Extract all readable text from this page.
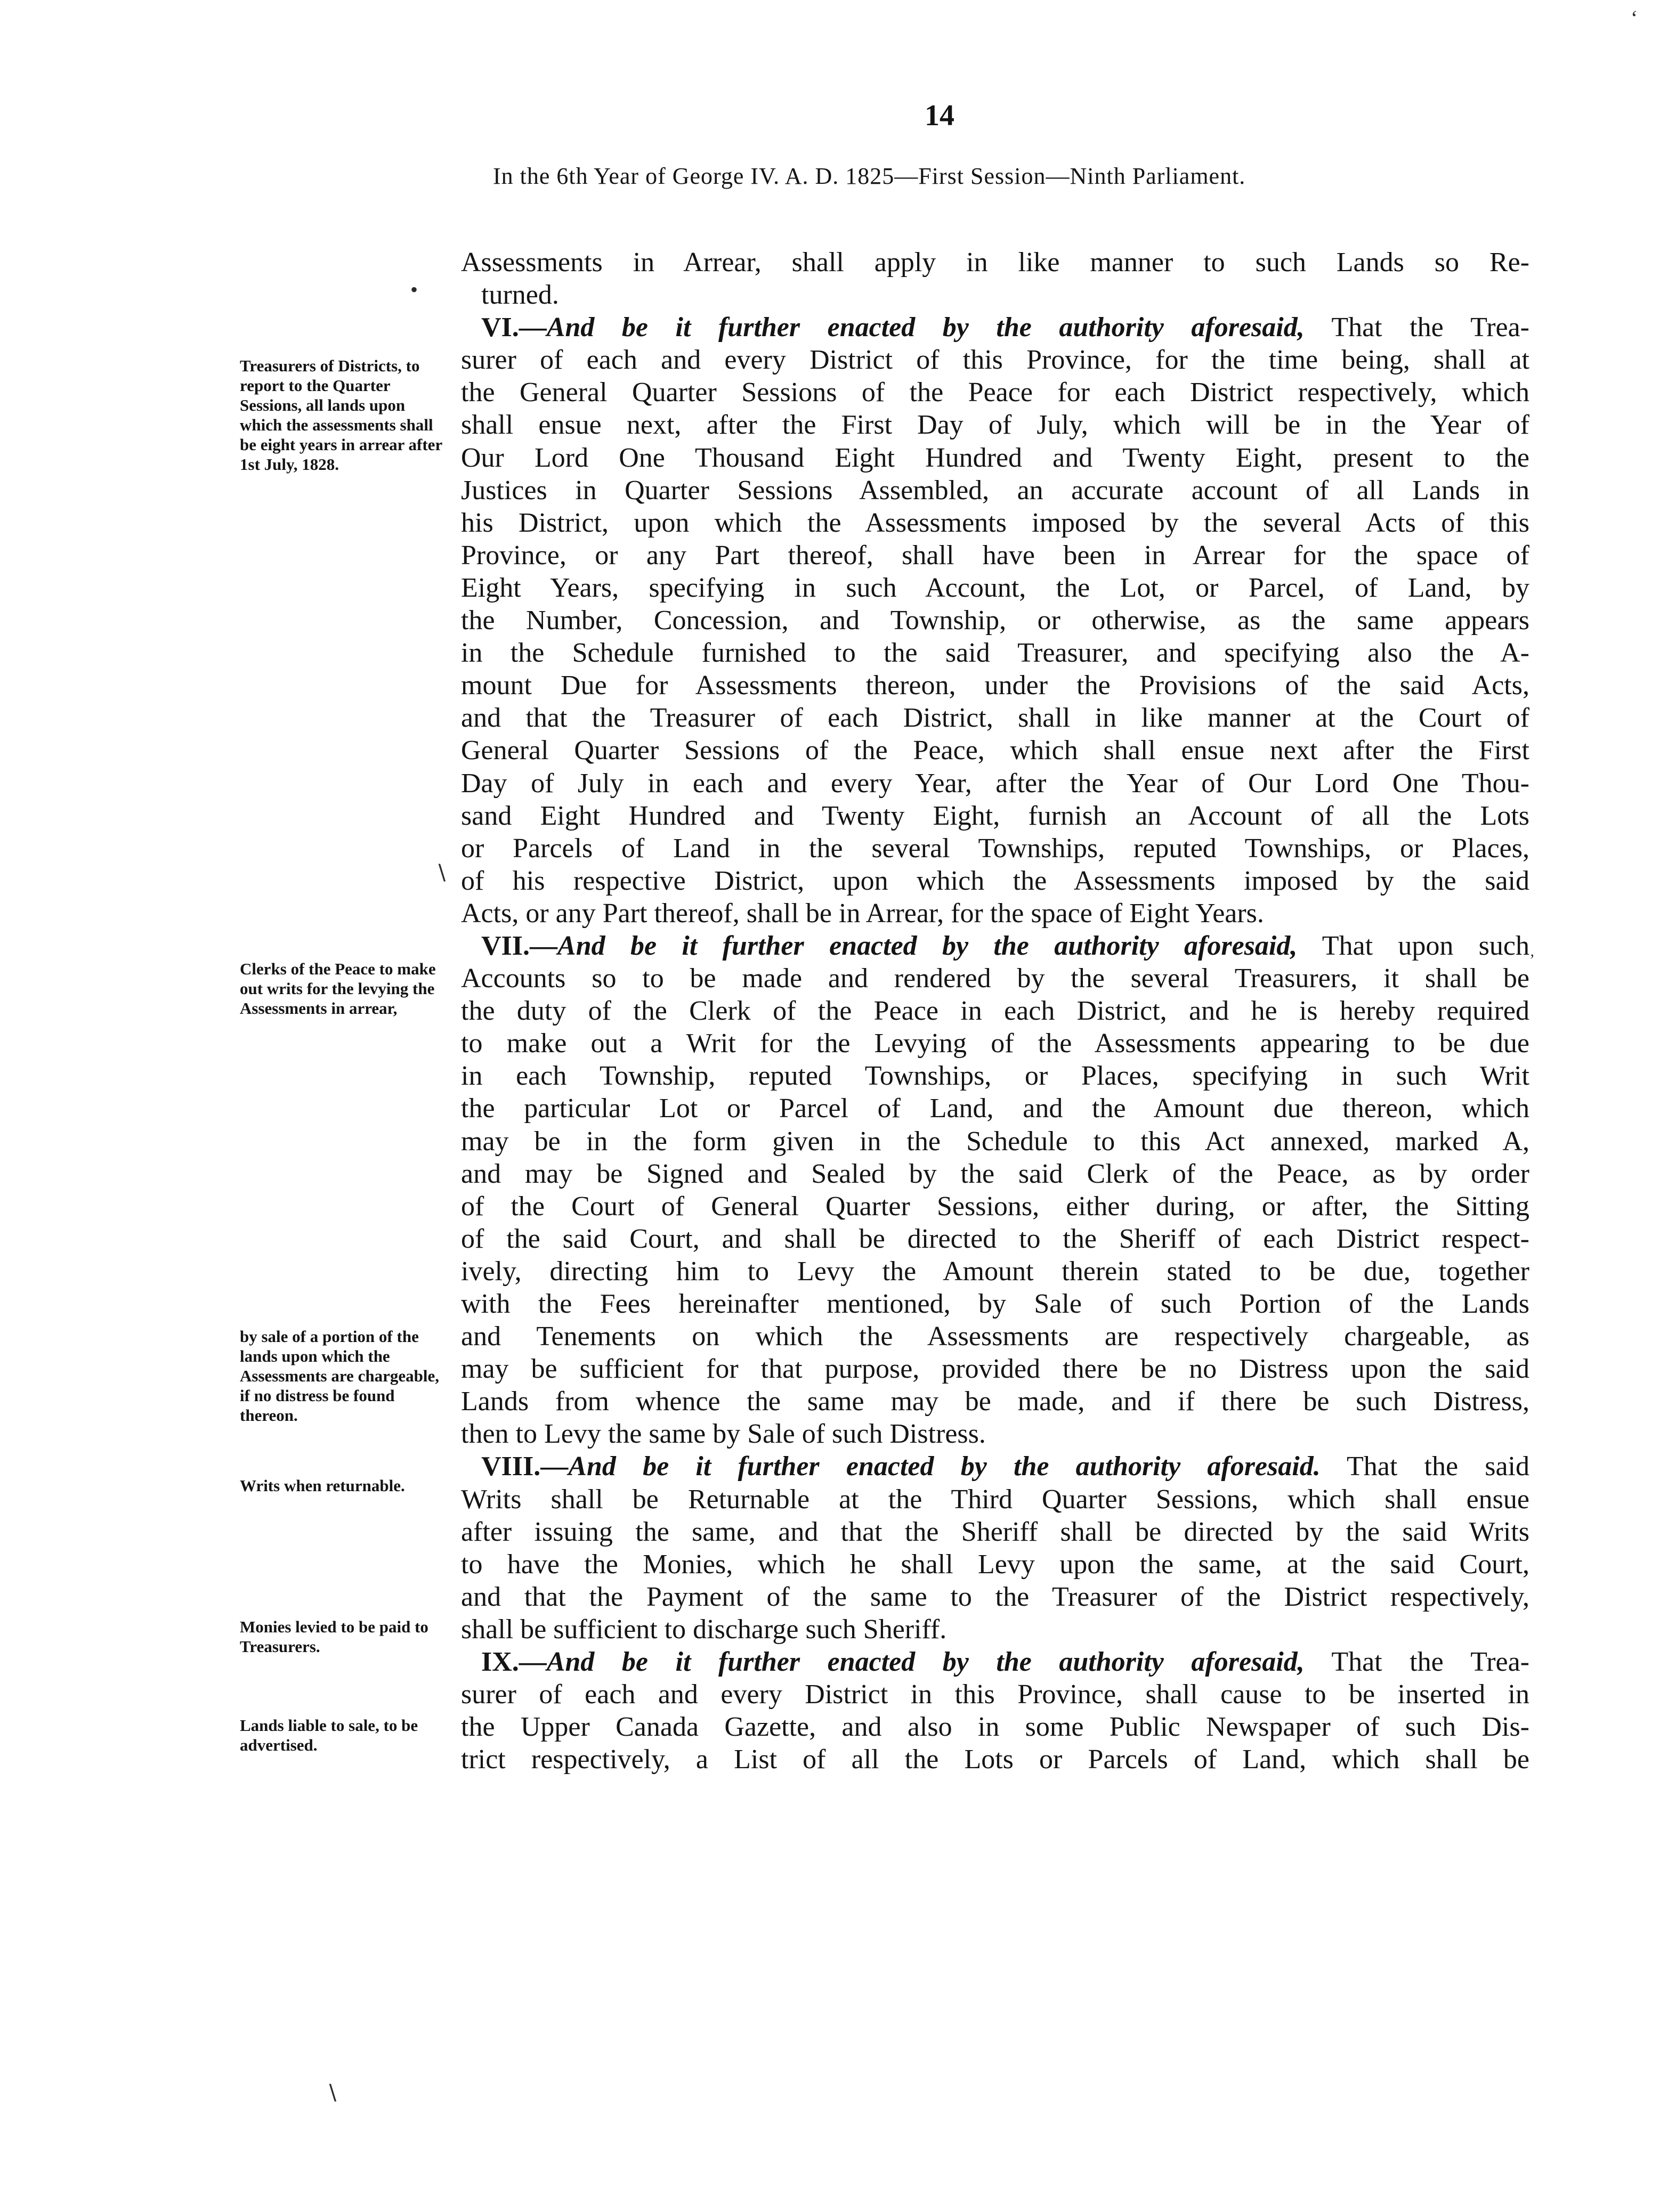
14
In the 6th Year of George IV. A. D. 1825—First Session—Ninth Parliament.
Treasurers of Districts, to report to the Quarter Sessions, all lands upon which the assessments shall be eight years in arrear after 1st July, 1828.
Clerks of the Peace to make out writs for the levying the Assessments in arrear,
by sale of a portion of the lands upon which the Assessments are chargeable, if no distress be found thereon.
Writs when returnable.
Monies levied to be paid to Treasurers.
Lands liable to sale, to be advertised.
Assessments in Arrear, shall apply in like manner to such Lands so Re-
turned.
VI.—And be it further enacted by the authority aforesaid, That the Trea-
surer of each and every District of this Province, for the time being, shall at
the General Quarter Sessions of the Peace for each District respectively, which
shall ensue next, after the First Day of July, which will be in the Year of
Our Lord One Thousand Eight Hundred and Twenty Eight, present to the
Justices in Quarter Sessions Assembled, an accurate account of all Lands in
his District, upon which the Assessments imposed by the several Acts of this
Province, or any Part thereof, shall have been in Arrear for the space of
Eight Years, specifying in such Account, the Lot, or Parcel, of Land, by
the Number, Concession, and Township, or otherwise, as the same appears
in the Schedule furnished to the said Treasurer, and specifying also the A-
mount Due for Assessments thereon, under the Provisions of the said Acts,
and that the Treasurer of each District, shall in like manner at the Court of
General Quarter Sessions of the Peace, which shall ensue next after the First
Day of July in each and every Year, after the Year of Our Lord One Thou-
sand Eight Hundred and Twenty Eight, furnish an Account of all the Lots
or Parcels of Land in the several Townships, reputed Townships, or Places,
of his respective District, upon which the Assessments imposed by the said
Acts, or any Part thereof, shall be in Arrear, for the space of Eight Years.
VII.—And be it further enacted by the authority aforesaid, That upon such
Accounts so to be made and rendered by the several Treasurers, it shall be
the duty of the Clerk of the Peace in each District, and he is hereby required
to make out a Writ for the Levying of the Assessments appearing to be due
in each Township, reputed Townships, or Places, specifying in such Writ
the particular Lot or Parcel of Land, and the Amount due thereon, which
may be in the form given in the Schedule to this Act annexed, marked A,
and may be Signed and Sealed by the said Clerk of the Peace, as by order
of the Court of General Quarter Sessions, either during, or after, the Sitting
of the said Court, and shall be directed to the Sheriff of each District respect-
ively, directing him to Levy the Amount therein stated to be due, together
with the Fees hereinafter mentioned, by Sale of such Portion of the Lands
and Tenements on which the Assessments are respectively chargeable, as
may be sufficient for that purpose, provided there be no Distress upon the said
Lands from whence the same may be made, and if there be such Distress,
then to Levy the same by Sale of such Distress.
VIII.—And be it further enacted by the authority aforesaid. That the said
Writs shall be Returnable at the Third Quarter Sessions, which shall ensue
after issuing the same, and that the Sheriff shall be directed by the said Writs
to have the Monies, which he shall Levy upon the same, at the said Court,
and that the Payment of the same to the Treasurer of the District respectively,
shall be sufficient to discharge such Sheriff.
IX.—And be it further enacted by the authority aforesaid, That the Trea-
surer of each and every District in this Province, shall cause to be inserted in
the Upper Canada Gazette, and also in some Public Newspaper of such Dis-
trict respectively, a List of all the Lots or Parcels of Land, which shall be
‘
•
∖
’
∖
